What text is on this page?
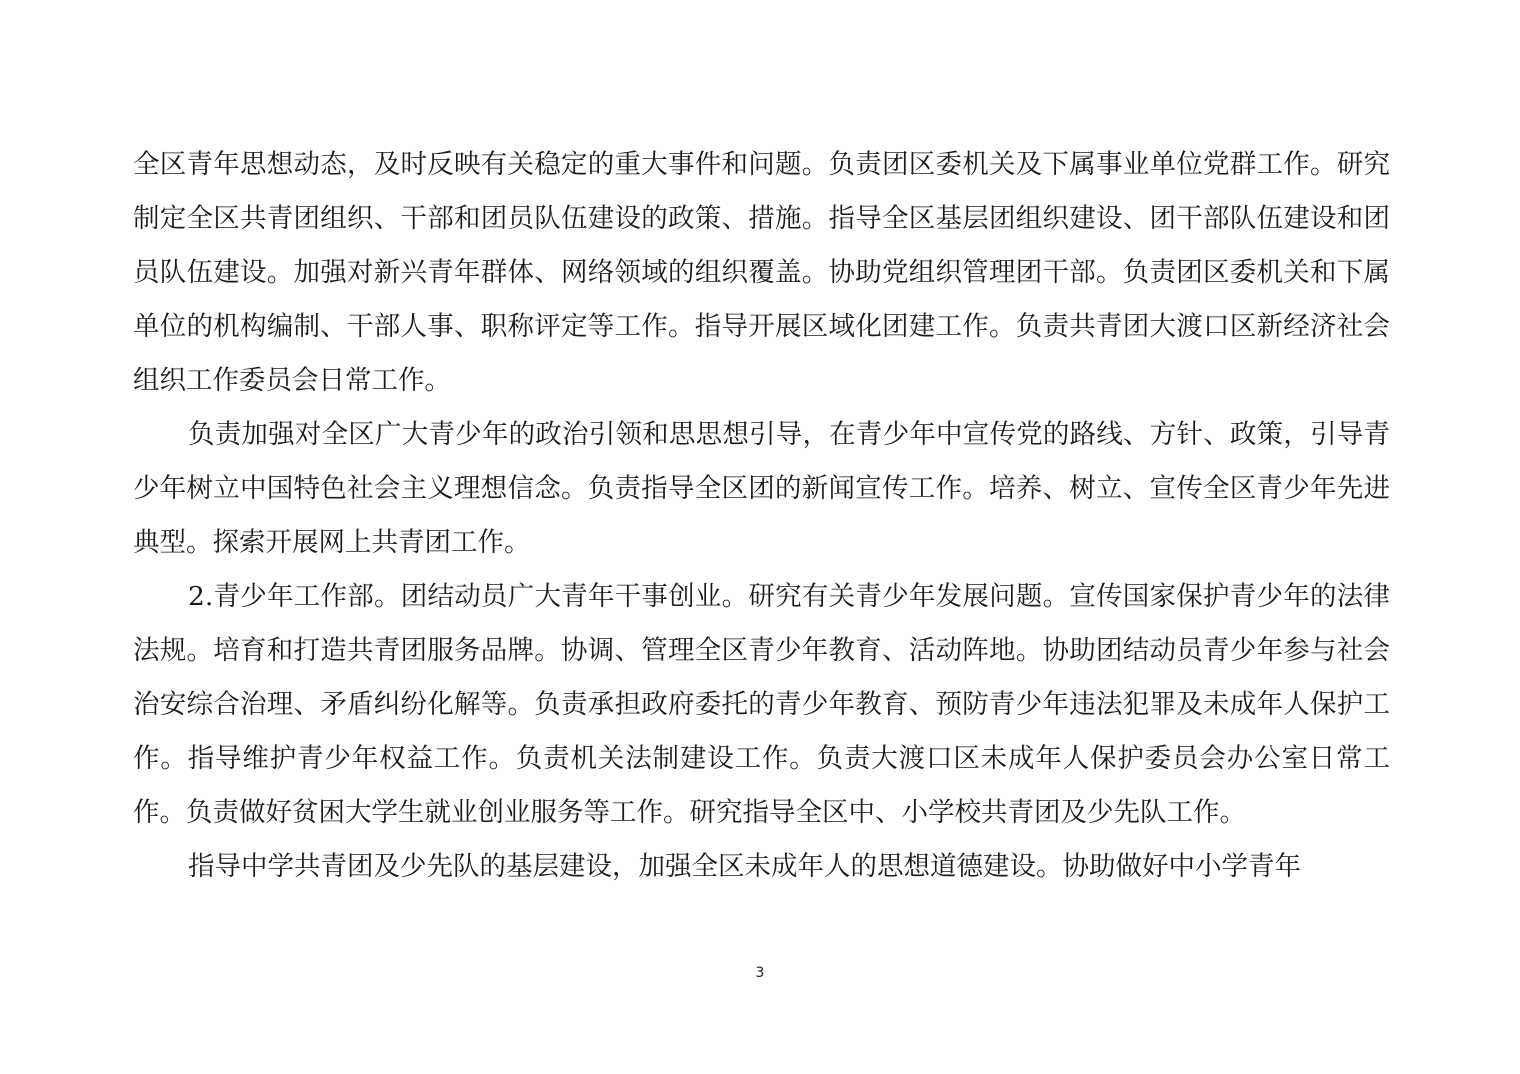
全区青年思想动态，及时反映有关稳定的重大事件和问题。负责团区委机关及下属事业单位党群工作。研究制定全区共青团组织、干部和团员队伍建设的政策、措施。指导全区基层团组织建设、团干部队伍建设和团员队伍建设。加强对新兴青年群体、网络领域的组织覆盖。协助党组织管理团干部。负责团区委机关和下属单位的机构编制、干部人事、职称评定等工作。指导开展区域化团建工作。负责共青团大渡口区新经济社会组织工作委员会日常工作。

负责加强对全区广大青少年的政治引领和思思想引导，在青少年中宣传党的路线、方针、政策，引导青少年树立中国特色社会主义理想信念。负责指导全区团的新闻宣传工作。培养、树立、宣传全区青少年先进典型。探索开展网上共青团工作。

2.青少年工作部。团结动员广大青年干事创业。研究有关青少年发展问题。宣传国家保护青少年的法律法规。培育和打造共青团服务品牌。协调、管理全区青少年教育、活动阵地。协助团结动员青少年参与社会治安综合治理、矛盾纠纷化解等。负责承担政府委托的青少年教育、预防青少年违法犯罪及未成年人保护工作。指导维护青少年权益工作。负责机关法制建设工作。负责大渡口区未成年人保护委员会办公室日常工作。负责做好贫困大学生就业创业服务等工作。研究指导全区中、小学校共青团及少先队工作。

指导中学共青团及少先队的基层建设，加强全区未成年人的思想道德建设。协助做好中小学青年

3
